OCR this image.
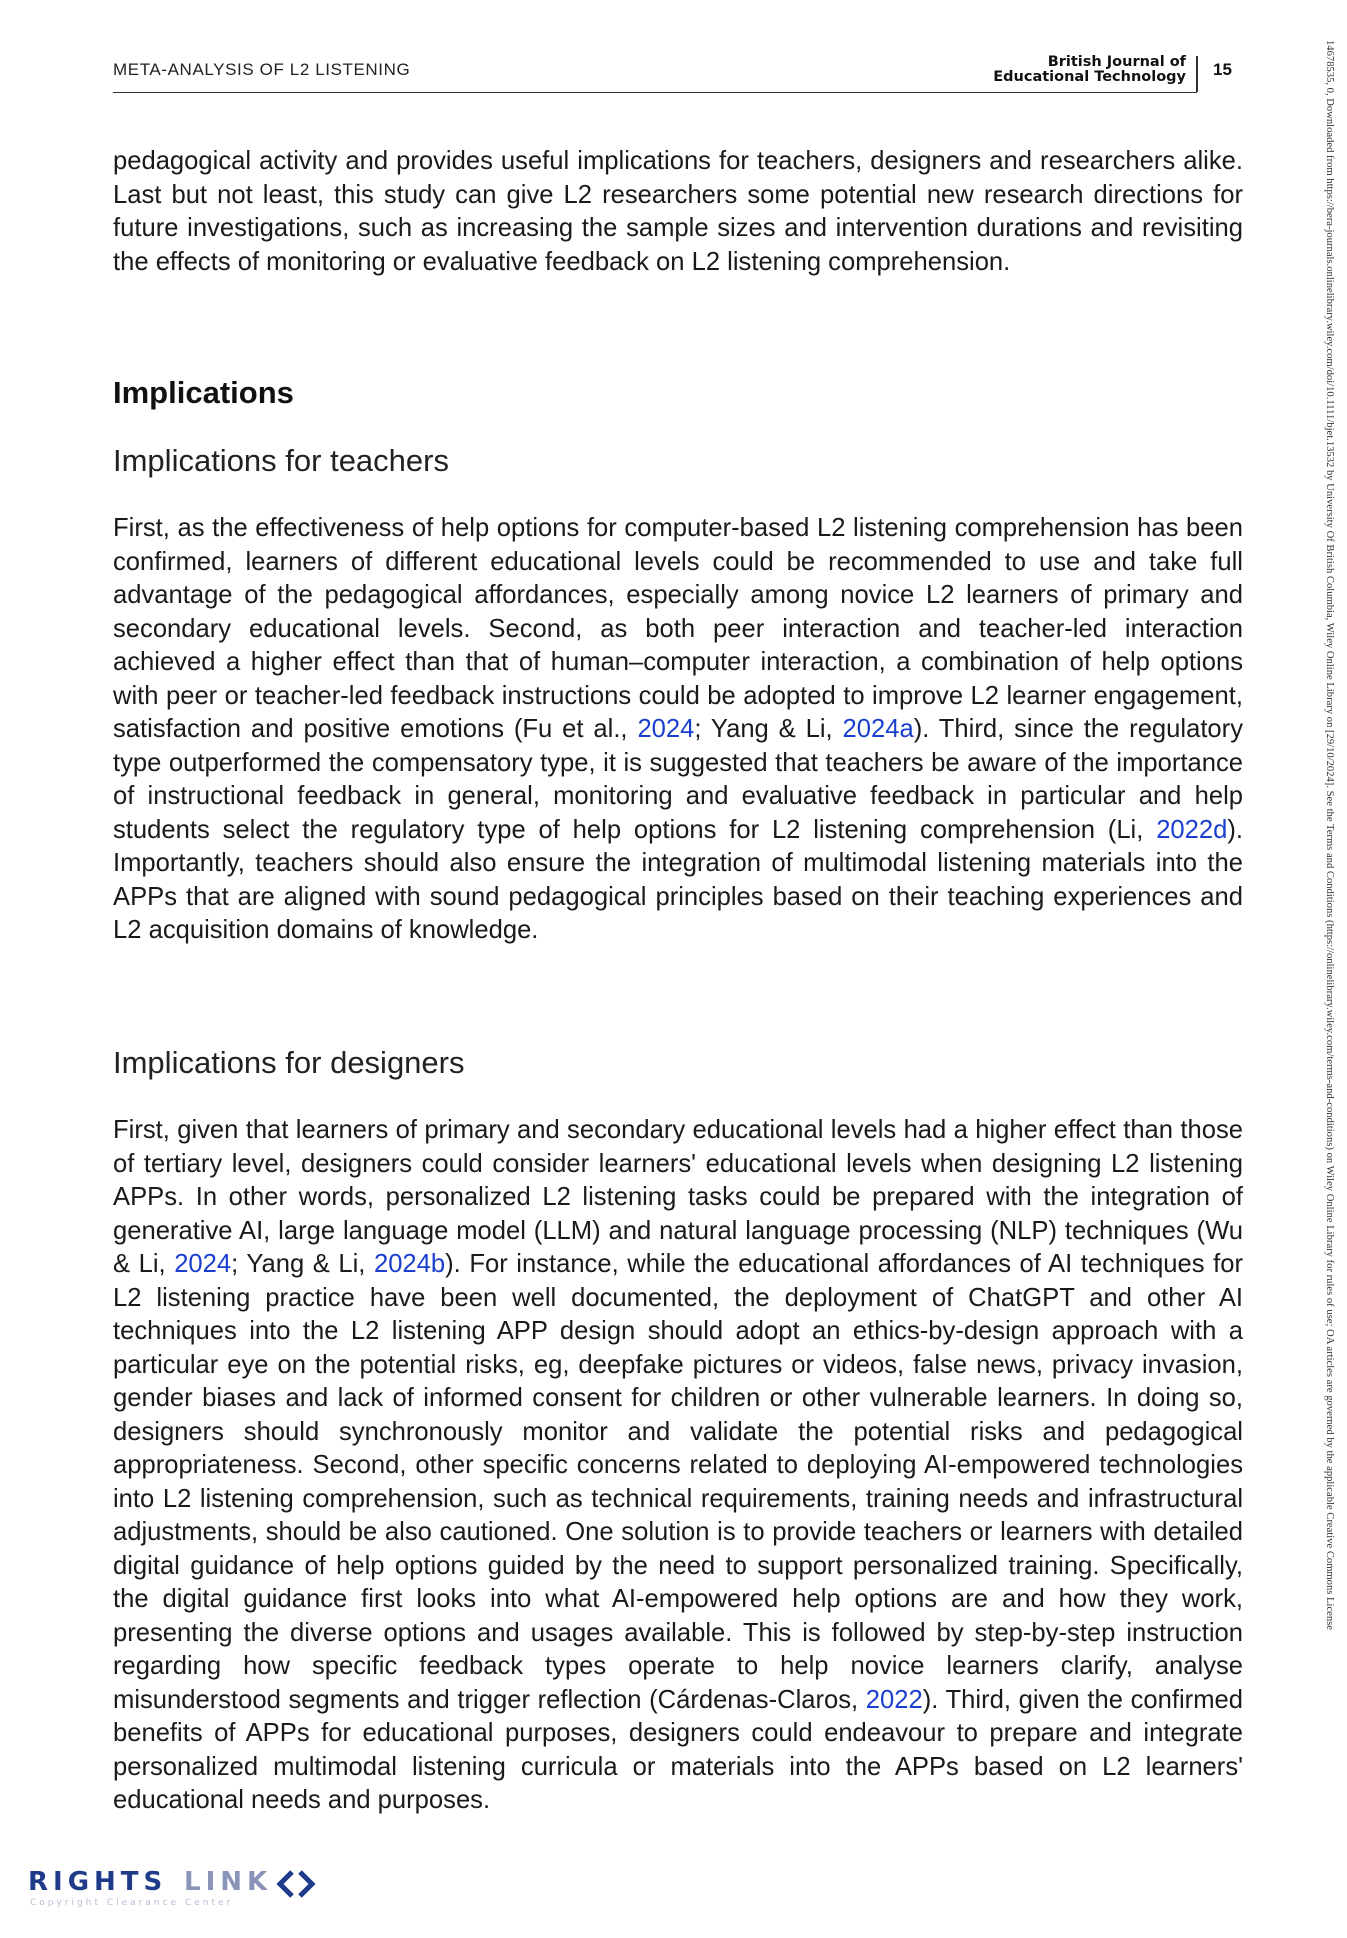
META-ANALYSIS OF L2 LISTENING	British Journal of
Educational Technology 15
pedagogical activity and provides useful implications for teachers, designers and researchers alike. Last but not least, this study can give L2 researchers some potential new research directions for future investigations, such as increasing the sample sizes and intervention durations and revisiting the effects of monitoring or evaluative feedback on L2 listening comprehension.
Implications
Implications for teachers
First, as the effectiveness of help options for computer-based L2 listening comprehension has been confirmed, learners of different educational levels could be recommended to use and take full advantage of the pedagogical affordances, especially among novice L2 learners of primary and secondary educational levels. Second, as both peer interaction and teacher-led interaction achieved a higher effect than that of human–computer interaction, a combination of help options with peer or teacher-led feedback instructions could be adopted to improve L2 learner engagement, satisfaction and positive emotions (Fu et al., 2024; Yang & Li, 2024a). Third, since the regulatory type outperformed the compensatory type, it is suggested that teachers be aware of the importance of instructional feedback in general, monitoring and evaluative feedback in particular and help students select the regulatory type of help options for L2 listening comprehension (Li, 2022d). Importantly, teachers should also ensure the integration of multimodal listening materials into the APPs that are aligned with sound pedagogical principles based on their teaching experiences and L2 acquisition domains of knowledge.
Implications for designers
First, given that learners of primary and secondary educational levels had a higher effect than those of tertiary level, designers could consider learners' educational levels when designing L2 listening APPs. In other words, personalized L2 listening tasks could be prepared with the integration of generative AI, large language model (LLM) and natural language processing (NLP) techniques (Wu & Li, 2024; Yang & Li, 2024b). For instance, while the educational affordances of AI techniques for L2 listening practice have been well documented, the deployment of ChatGPT and other AI techniques into the L2 listening APP design should adopt an ethics-by-design approach with a particular eye on the potential risks, eg, deepfake pictures or videos, false news, privacy invasion, gender biases and lack of informed consent for children or other vulnerable learners. In doing so, designers should synchronously monitor and validate the potential risks and pedagogical appropriateness. Second, other specific concerns related to deploying AI-empowered technologies into L2 listening comprehension, such as technical requirements, training needs and infrastructural adjustments, should be also cautioned. One solution is to provide teachers or learners with detailed digital guidance of help options guided by the need to support personalized training. Specifically, the digital guidance first looks into what AI-empowered help options are and how they work, presenting the diverse options and usages available. This is followed by step-by-step instruction regarding how specific feedback types operate to help novice learners clarify, analyse misunderstood segments and trigger reflection (Cárdenas-Claros, 2022). Third, given the confirmed benefits of APPs for educational purposes, designers could endeavour to prepare and integrate personalized multimodal listening curricula or materials into the APPs based on L2 learners' educational needs and purposes.
14678535, 0, Downloaded from https://bera-journals.onlinelibrary.wiley.com/doi/10.1111/bjet.13532 by University Of British Columbia, Wiley Online Library on [29/10/2024]. See the Terms and Conditions (https://onlinelibrary.wiley.com/terms-and-conditions) on Wiley Online Library for rules of use; OA articles are governed by the applicable Creative Commons License
RIGHTS LINK
Copyright Clearance Center
